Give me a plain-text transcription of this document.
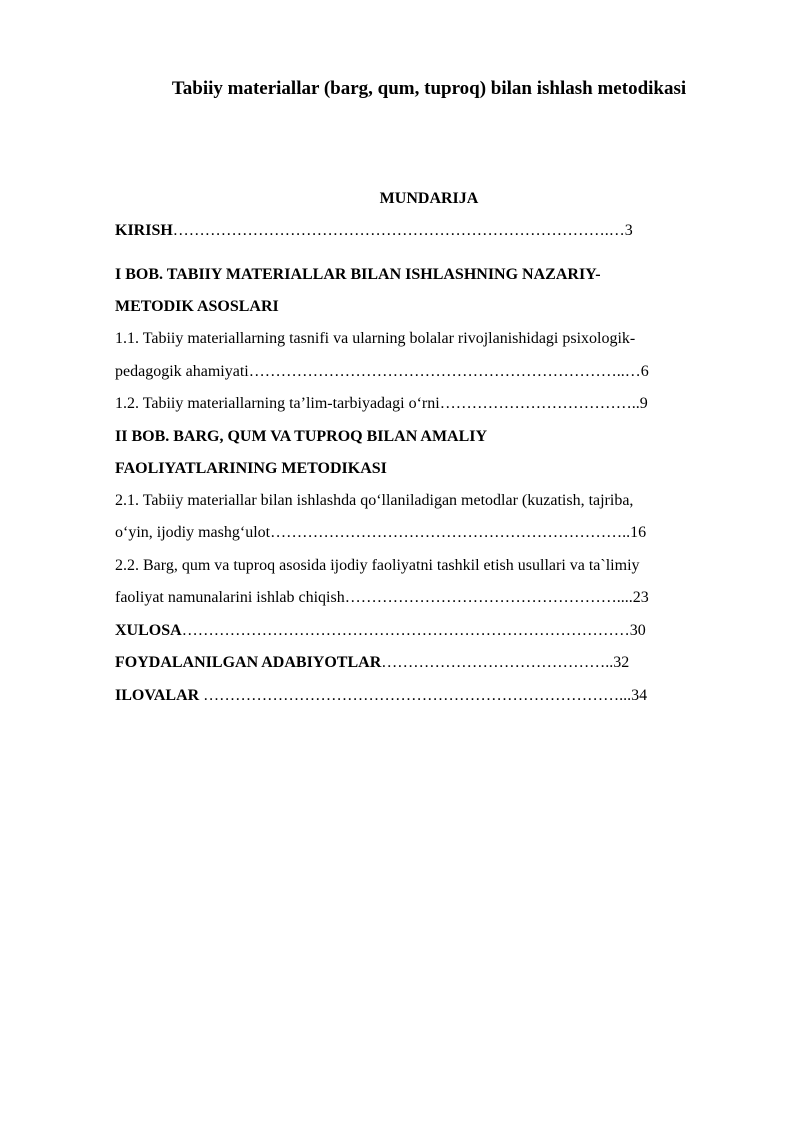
Tabiiy materiallar (barg, qum, tuproq) bilan ishlash metodikasi
MUNDARIJA
KIRISH……………………………………………………………………….…3
I BOB. TABIIY MATERIALLAR BILAN ISHLASHNING NAZARIY-
METODIK ASOSLARI
1.1. Tabiiy materiallarning tasnifi va ularning bolalar rivojlanishidagi psixologik-
pedagogik ahamiyati……………………………………………………………..…6
1.2. Tabiiy materiallarning ta’lim-tarbiyadagi o‘rni………………………………..9
II BOB. BARG, QUM VA TUPROQ BILAN AMALIY
FAOLIYATLARINING METODIKASI
2.1. Tabiiy materiallar bilan ishlashda qo‘llaniladigan metodlar (kuzatish, tajriba,
o‘yin, ijodiy mashg‘ulot…………………………………………………………..16
2.2. Barg, qum va tuproq asosida ijodiy faoliyatni tashkil etish usullari va ta`limiy
faoliyat namunalarini ishlab chiqish……………………………………………....23
XULOSA…………………………………………………………………………30
FOYDALANILGAN ADABIYOTLAR……………………………………..32
ILOVALAR ……………………………………………………………………...34
